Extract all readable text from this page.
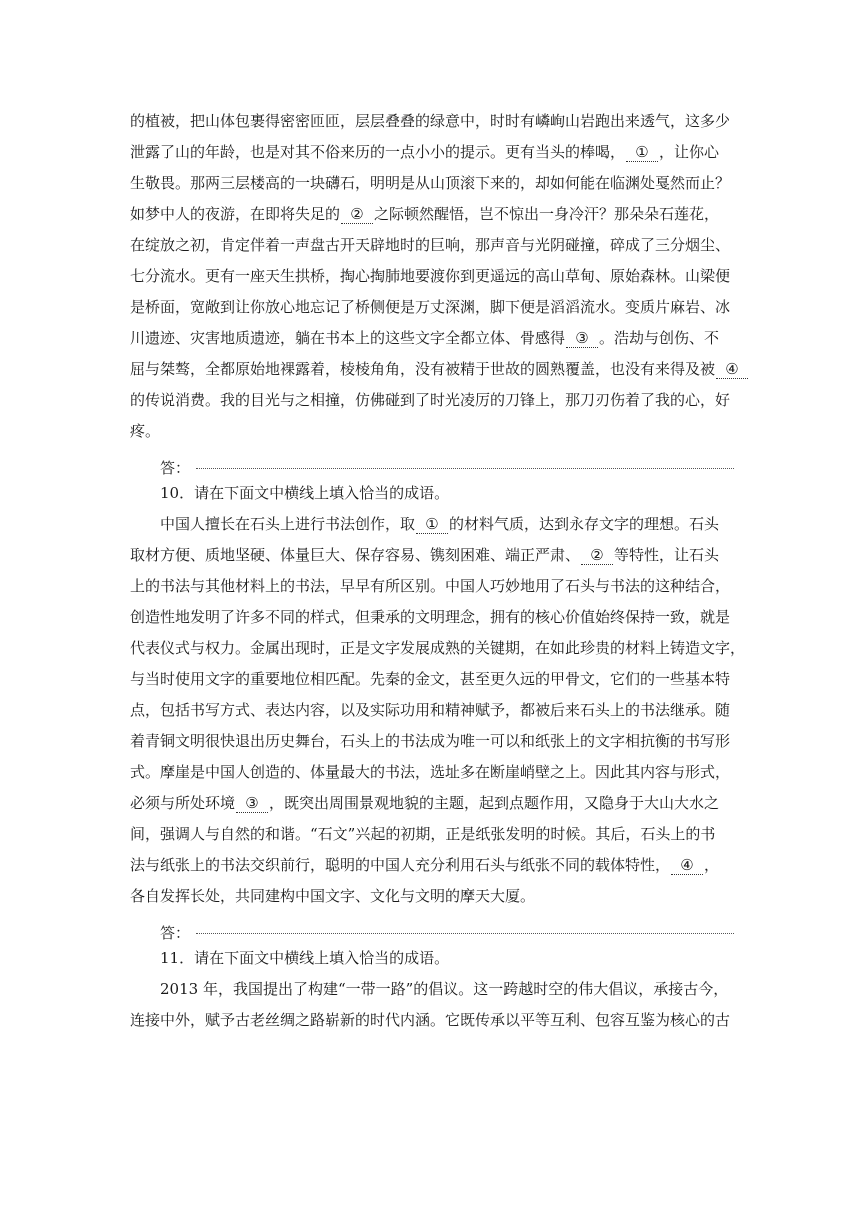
的植被，把山体包裹得密密匝匝，层层叠叠的绿意中，时时有嶙峋山岩跑出来透气，这多少
泄露了山的年龄，也是对其不俗来历的一点小小的提示。更有当头的棒喝， ① ，让你心
生敬畏。那两三层楼高的一块礴石，明明是从山顶滚下来的，却如何能在临渊处戛然而止？
如梦中人的夜游，在即将失足的 ② 之际顿然醒悟，岂不惊出一身冷汗？那朵朵石莲花，
在绽放之初，肯定伴着一声盘古开天辟地时的巨响，那声音与光阴碰撞，碎成了三分烟尘、
七分流水。更有一座天生拱桥，掏心掏肺地要渡你到更遥远的高山草甸、原始森林。山梁便
是桥面，宽敞到让你放心地忘记了桥侧便是万丈深渊，脚下便是滔滔流水。变质片麻岩、冰
川遗迹、灾害地质遗迹，躺在书本上的这些文字全都立体、骨感得 ③ 。浩劫与创伤、不
屈与桀骜，全都原始地裸露着，棱棱角角，没有被精于世故的圆熟覆盖，也没有来得及被 ④
的传说消费。我的目光与之相撞，仿佛碰到了时光凌厉的刀锋上，那刀刃伤着了我的心，好
疼。
答：
10．请在下面文中横线上填入恰当的成语。
中国人擅长在石头上进行书法创作，取 ① 的材料气质，达到永存文字的理想。石头
取材方便、质地坚硬、体量巨大、保存容易、镌刻困难、端正严肃、 ② 等特性，让石头
上的书法与其他材料上的书法，早早有所区别。中国人巧妙地用了石头与书法的这种结合，
创造性地发明了许多不同的样式，但秉承的文明理念，拥有的核心价值始终保持一致，就是
代表仪式与权力。金属出现时，正是文字发展成熟的关键期，在如此珍贵的材料上铸造文字，
与当时使用文字的重要地位相匹配。先秦的金文，甚至更久远的甲骨文，它们的一些基本特
点，包括书写方式、表达内容，以及实际功用和精神赋予，都被后来石头上的书法继承。随
着青铜文明很快退出历史舞台，石头上的书法成为唯一可以和纸张上的文字相抗衡的书写形
式。摩崖是中国人创造的、体量最大的书法，选址多在断崖峭壁之上。因此其内容与形式，
必须与所处环境 ③ ，既突出周围景观地貌的主题，起到点题作用，又隐身于大山大水之
间，强调人与自然的和谐。“石文”兴起的初期，正是纸张发明的时候。其后，石头上的书
法与纸张上的书法交织前行，聪明的中国人充分利用石头与纸张不同的载体特性， ④ ，
各自发挥长处，共同建构中国文字、文化与文明的摩天大厦。
答：
11．请在下面文中横线上填入恰当的成语。
2013 年，我国提出了构建“一带一路”的倡议。这一跨越时空的伟大倡议，承接古今，
连接中外，赋予古老丝绸之路崭新的时代内涵。它既传承以平等互利、包容互鉴为核心的古
